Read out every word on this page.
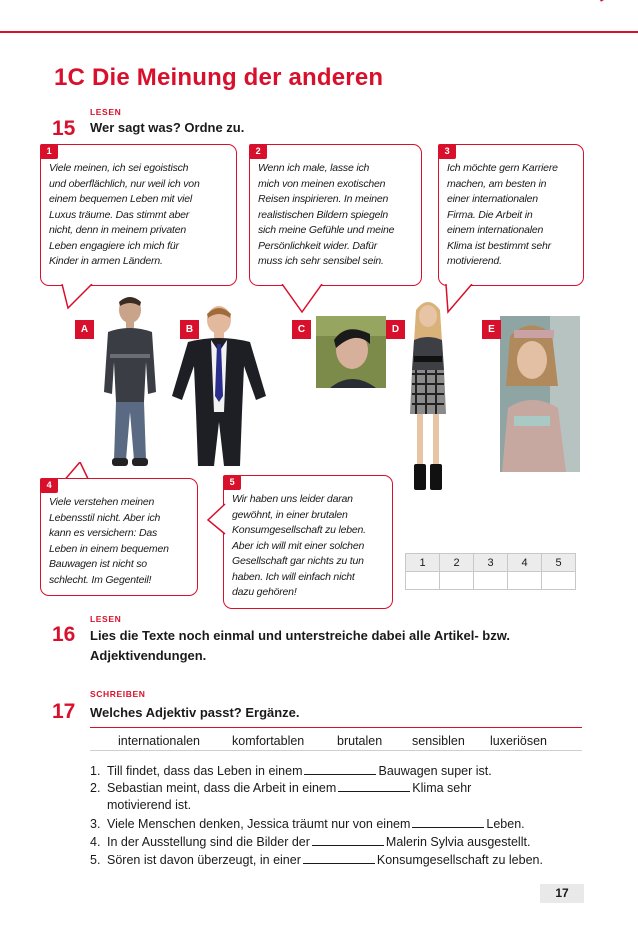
1C Die Meinung der anderen
15
LESEN
Wer sagt was? Ordne zu.
1
Viele meinen, ich sei egoistisch
und oberflächlich, nur weil ich von
einem bequemen Leben mit viel
Luxus träume. Das stimmt aber
nicht, denn in meinem privaten
Leben engagiere ich mich für
Kinder in armen Ländern.
2
Wenn ich male, lasse ich
mich von meinen exotischen
Reisen inspirieren. In meinen
realistischen Bildern spiegeln
sich meine Gefühle und meine
Persönlichkeit wider. Dafür
muss ich sehr sensibel sein.
3
Ich möchte gern Karriere
machen, am besten in
einer internationalen
Firma. Die Arbeit in
einem internationalen
Klima ist bestimmt sehr
motivierend.
A	B	C	D	E
4
Viele verstehen meinen
Lebensstil nicht. Aber ich
kann es versichern: Das
Leben in einem bequemen
Bauwagen ist nicht so
schlecht. Im Gegenteil!
5
Wir haben uns leider daran
gewöhnt, in einer brutalen
Konsumgesellschaft zu leben.
Aber ich will mit einer solchen
Gesellschaft gar nichts zu tun
haben. Ich will einfach nicht
dazu gehören!
1	2	3	4	5

LESEN
16 Lies die Texte noch einmal und unterstreiche dabei alle Artikel- bzw.
Adjektivendungen.
SCHREIBEN
17 Welches Adjektiv passt? Ergänze.
internationalen	komfortablen	brutalen sensiblen luxeriösen
1. Till findet, dass das Leben in einem	Bauwagen super ist.
2. Sebastian meint, dass die Arbeit in einem	Klima sehr
motivierend ist.
3. Viele Menschen denken, Jessica träumt nur von einem	Leben.
4. In der Ausstellung sind die Bilder der	Malerin Sylvia ausgestellt.
5. Sören ist davon überzeugt, in einer	Konsumgesellschaft zu leben.
17
